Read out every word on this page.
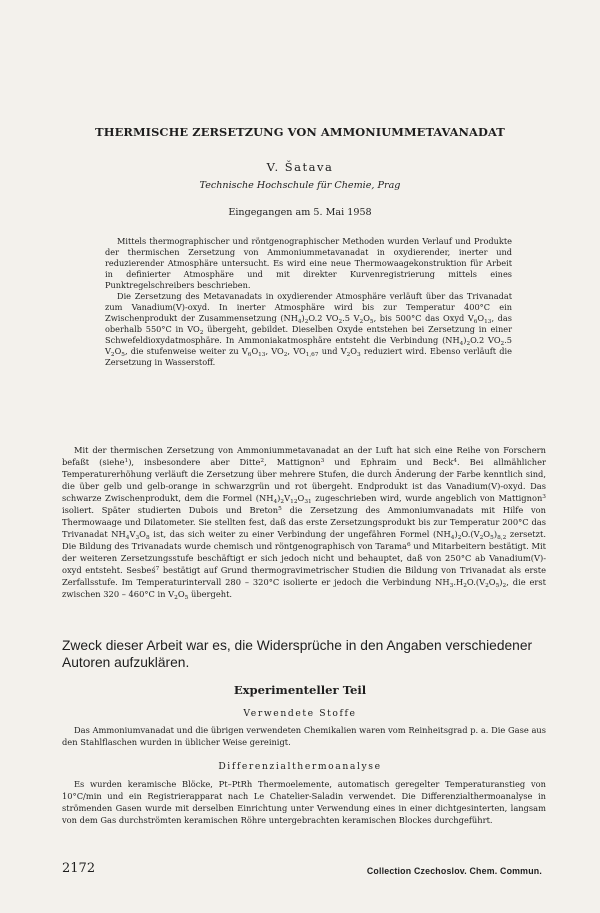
THERMISCHE ZERSETZUNG VON AMMONIUMMETAVANADAT
V. Šatava
Technische Hochschule für Chemie, Prag
Eingegangen am 5. Mai 1958

Mittels thermographischer und röntgenographischer Methoden wurden Verlauf und Produkte der thermischen Zersetzung von Ammoniummetavanadat in oxydierender, inerter und reduzierender Atmosphäre untersucht. Es wird eine neue Thermowaagekonstruktion für Arbeit in definierter Atmosphäre und mit direkter Kurvenregistrierung mittels eines Punktregelschreibers beschrieben.

Die Zersetzung des Metavanadats in oxydierender Atmosphäre verläuft über das Trivanadat zum Vanadium(V)-oxyd. In inerter Atmosphäre wird bis zur Temperatur 400°C ein Zwischenprodukt der Zusammensetzung $(NH_4)_2O.2$ $VO_2.5$ $V_2O_5$, bis 500°C das Oxyd $V_6O_{13}$, das oberhalb 550°C in $VO_2$ übergeht, gebildet. Dieselben Oxyde entstehen bei Zersetzung in einer Schwefeldioxydatmosphäre. In Ammoniakatmosphäre entsteht die Verbindung $(NH_4)_2O.2$ $VO_2.5$ $V_2O_5$, die stufenweise weiter zu $V_6O_{13}$, $VO_2$, $VO_{1,67}$ und $V_2O_3$ reduziert wird. Ebenso verläuft die Zersetzung in Wasserstoff.

Mit der thermischen Zersetzung von Ammoniummetavanadat an der Luft hat sich eine Reihe von Forschern befaßt (siehe$^1$), insbesondere aber Ditte$^2$, Mattignon$^3$ und Ephraim und Beck$^4$. Bei allmählicher Temperaturerhöhung verläuft die Zersetzung über mehrere Stufen, die durch Änderung der Farbe kenntlich sind, die über gelb und gelb-orange in schwarzgrün und rot übergeht. Endprodukt ist das Vanadium(V)-oxyd. Das schwarze Zwischenprodukt, dem die Formel $(NH_4)_2V_{12}O_{31}$ zugeschrieben wird, wurde angeblich von Mattignon$^3$ isoliert. Später studierten Dubois und Breton$^5$ die Zersetzung des Ammoniumvanadats mit Hilfe von Thermowaage und Dilatometer. Sie stellten fest, daß das erste Zersetzungsprodukt bis zur Temperatur 200°C das Trivanadat $NH_4V_3O_8$ ist, das sich weiter zu einer Verbindung der ungefähren Formel $(NH_4)_2O.(V_2O_5)_{8,2}$ zersetzt. Die Bildung des Trivanadats wurde chemisch und röntgenographisch von Tarama$^6$ und Mitarbeitern bestätigt. Mit der weiteren Zersetzungsstufe beschäftigt er sich jedoch nicht und behauptet, daß von 250°C ab Vanadium(V)-oxyd entsteht. Sesbeś$^7$ bestätigt auf Grund thermogravimetrischer Studien die Bildung von Trivanadat als erste Zerfallsstufe. Im Temperaturintervall 280 – 320°C isolierte er jedoch die Verbindung $NH_3.H_2O.(V_2O_5)_2$, die erst zwischen 320 – 460°C in $V_2O_5$ übergeht.

Zweck dieser Arbeit war es, die Widersprüche in den Angaben verschiedener Autoren aufzuklären.
Experimenteller Teil
Verwendete Stoffe

Das Ammoniumvanadat und die übrigen verwendeten Chemikalien waren vom Reinheitsgrad p. a. Die Gase aus den Stahlflaschen wurden in üblicher Weise gereinigt.

Differenzialthermoanalyse

Es wurden keramische Blöcke, Pt–PtRh Thermoelemente, automatisch geregelter Temperaturanstieg von 10°C/min und ein Registrierapparat nach Le Chatelier-Saladin verwendet. Die Differenzialthermoanalyse in strömenden Gasen wurde mit derselben Einrichtung unter Verwendung eines in einer dichtgesinterten, langsam von dem Gas durchströmten keramischen Röhre untergebrachten keramischen Blockes durchgeführt.

2172	Collection Czechoslov. Chem. Commun.
